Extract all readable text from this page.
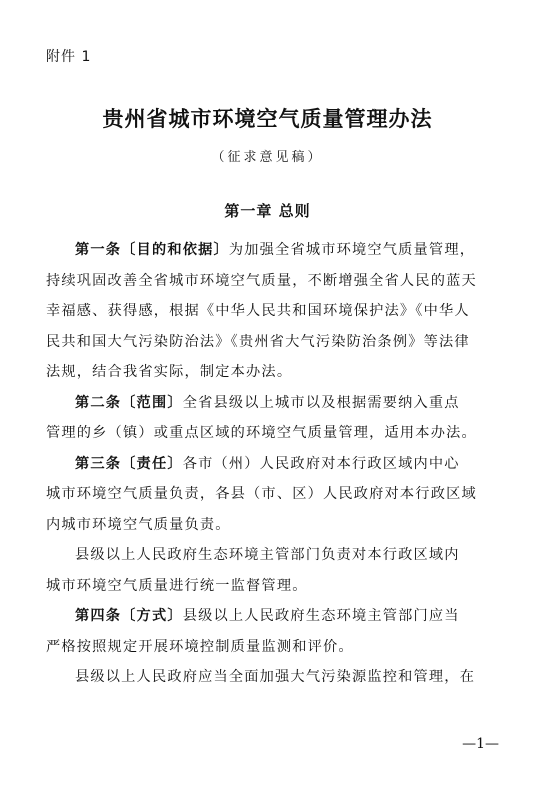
附件 1
贵州省城市环境空气质量管理办法
（征求意见稿）
第一章 总则
第一条〔目的和依据〕为加强全省城市环境空气质量管理，
持续巩固改善全省城市环境空气质量，不断增强全省人民的蓝天
幸福感、获得感，根据《中华人民共和国环境保护法》《中华人
民共和国大气污染防治法》《贵州省大气污染防治条例》等法律
法规，结合我省实际，制定本办法。
第二条〔范围〕全省县级以上城市以及根据需要纳入重点
管理的乡（镇）或重点区域的环境空气质量管理，适用本办法。
第三条〔责任〕各市（州）人民政府对本行政区域内中心
城市环境空气质量负责，各县（市、区）人民政府对本行政区域
内城市环境空气质量负责。
县级以上人民政府生态环境主管部门负责对本行政区域内
城市环境空气质量进行统一监督管理。
第四条〔方式〕县级以上人民政府生态环境主管部门应当
严格按照规定开展环境控制质量监测和评价。
县级以上人民政府应当全面加强大气污染源监控和管理，在
—1—
